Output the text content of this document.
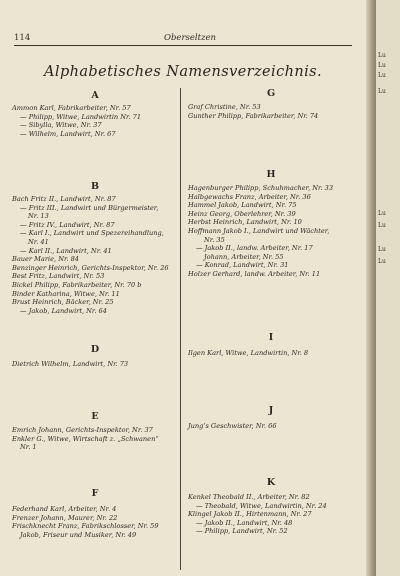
114	Oberseltzen
Alphabetisches Namensverzeichnis.
A
Ammon Karl, Fabrikarbeiter, Nr. 57
— Philipp, Witwe, Landwirtin Nr. 71
— Sibylla, Witwe, Nr. 37
— Wilhelm, Landwirt, Nr. 67
B
Bach Fritz II., Landwirt, Nr. 87
— Fritz III., Landwirt und Bürgermeister,
Nr. 13
— Fritz IV., Landwirt, Nr. 87
— Karl I., Landwirt und Spezereihandlung,
Nr. 41
— Karl II., Landwirt, Nr. 41
Bauer Marie, Nr. 84
Benzinger Heinrich, Gerichts-Inspektor, Nr. 26
Best Fritz, Landwirt, Nr. 53
Bickel Philipp, Fabrikarbeiter, Nr. 70 b
Binder Katharina, Witwe, Nr. 11
Brust Heinrich, Bäcker, Nr. 25
— Jakob, Landwirt, Nr. 64
D
Dietrich Wilhelm, Landwirt, Nr. 73
E
Emrich Johann, Gerichts-Inspektor, Nr. 37
Enkler G., Witwe, Wirtschaft z. „Schwanen“
Nr. 1
F
Federhand Karl, Arbeiter, Nr. 4
Frenzer Johann, Maurer, Nr. 22
Frischknecht Franz, Fabrikschlosser, Nr. 59
Jakob, Friseur und Musiker, Nr. 49
G
Graf Christine, Nr. 53
Gunther Philipp, Fabrikarbeiter, Nr. 74
H
Hagenburger Philipp, Schuhmacher, Nr. 33
Halbgewachs Franz, Arbeiter, Nr. 36
Hammel Jakob, Landwirt, Nr. 75
Heinz Georg, Oberlehrer, Nr. 39
Herbst Heinrich, Landwirt, Nr. 10
Hoffmann Jakob I., Landwirt und Wächter,
Nr. 35
— Jakob II., landw. Arbeiter, Nr. 17
Johann, Arbeiter, Nr. 55
— Konrad, Landwirt, Nr. 31
Holzer Gerhard, landw. Arbeiter, Nr. 11
I
Ilgen Karl, Witwe, Landwirtin, Nr. 8
J
Jung’s Geschwister, Nr. 66
K
Kenkel Theobald II., Arbeiter, Nr. 82
— Theobald, Witwe, Landwirtin, Nr. 24
Klingel Jakob II., Hirtenmann, Nr. 27
— Jakob II., Landwirt, Nr. 48
— Philipp, Landwirt, Nr. 52
Lu
Lu
Lu
Lu
Lu
Lu
Lu
Lu
